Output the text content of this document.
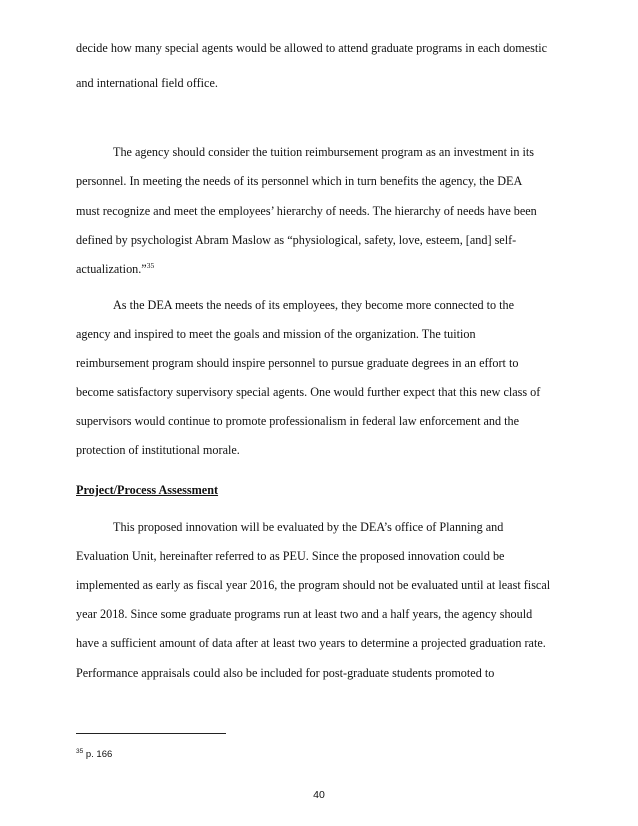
decide how many special agents would be allowed to attend graduate programs in each domestic
and international field office.
The agency should consider the tuition reimbursement program as an investment in its
personnel. In meeting the needs of its personnel which in turn benefits the agency, the DEA
must recognize and meet the employees’ hierarchy of needs. The hierarchy of needs have been
defined by psychologist Abram Maslow as “physiological, safety, love, esteem, [and] self-
actualization.”$^{35}$
As the DEA meets the needs of its employees, they become more connected to the
agency and inspired to meet the goals and mission of the organization. The tuition
reimbursement program should inspire personnel to pursue graduate degrees in an effort to
become satisfactory supervisory special agents. One would further expect that this new class of
supervisors would continue to promote professionalism in federal law enforcement and the
protection of institutional morale.
Project/Process Assessment
This proposed innovation will be evaluated by the DEA’s office of Planning and
Evaluation Unit, hereinafter referred to as PEU. Since the proposed innovation could be
implemented as early as fiscal year 2016, the program should not be evaluated until at least fiscal
year 2018. Since some graduate programs run at least two and a half years, the agency should
have a sufficient amount of data after at least two years to determine a projected graduation rate.
Performance appraisals could also be included for post-graduate students promoted to
$^{35}$ p. 166
40
